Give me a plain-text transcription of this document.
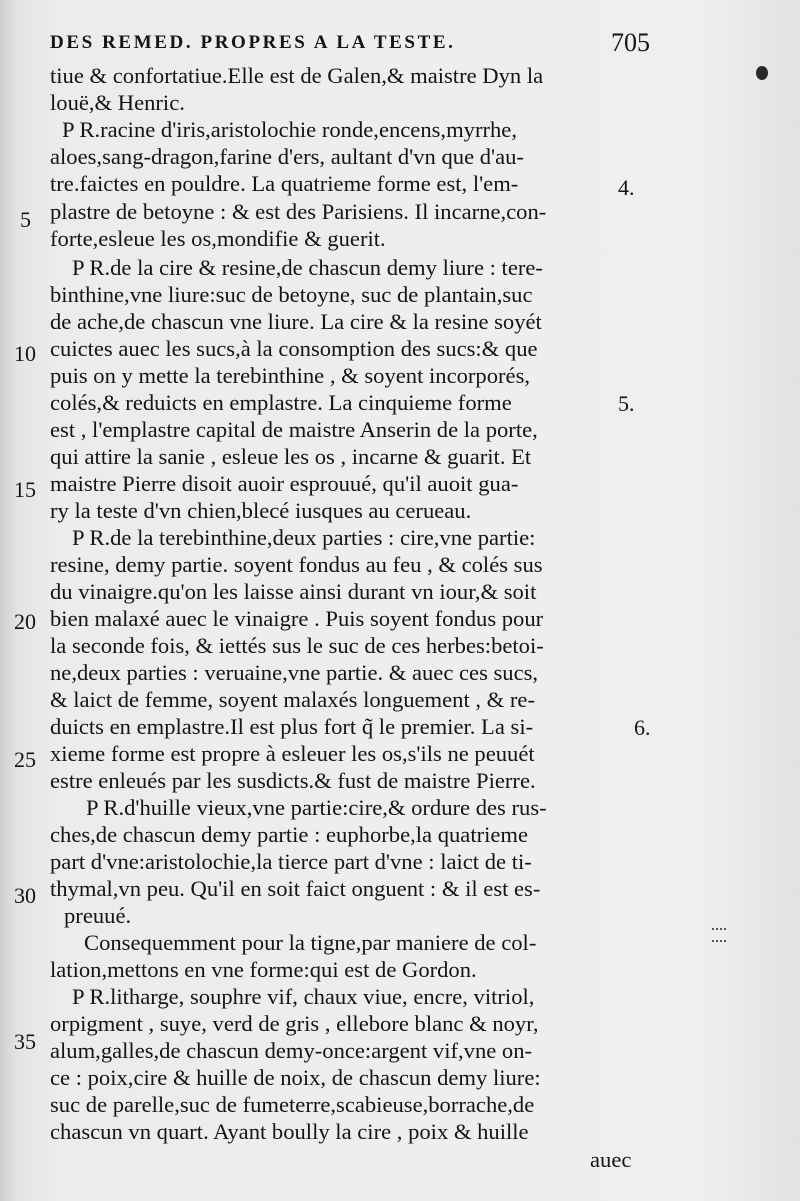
DES REMED. PROPRES A LA TESTE.	705
tiue & confortatiue.Elle est de Galen,& maistre Dyn la
louë,& Henric.
P R.racine d'iris,aristolochie ronde,encens,myrrhe,
aloes,sang-dragon,farine d'ers, aultant d'vn que d'au-
tre.faictes en pouldre. La quatrieme forme est, l'em-
plastre de betoyne : & est des Parisiens. Il incarne,con-
forte,esleue les os,mondifie & guerit.
P R.de la cire & resine,de chascun demy liure : tere-
binthine,vne liure:suc de betoyne, suc de plantain,suc
de ache,de chascun vne liure. La cire & la resine soyét
cuictes auec les sucs,à la consomption des sucs:& que
puis on y mette la terebinthine , & soyent incorporés,
colés,& reduicts en emplastre. La cinquieme forme
est , l'emplastre capital de maistre Anserin de la porte,
qui attire la sanie , esleue les os , incarne & guarit. Et
maistre Pierre disoit auoir esprouué, qu'il auoit gua-
ry la teste d'vn chien,blecé iusques au cerueau.
P R.de la terebinthine,deux parties : cire,vne partie:
resine, demy partie. soyent fondus au feu , & colés sus
du vinaigre.qu'on les laisse ainsi durant vn iour,& soit
bien malaxé auec le vinaigre . Puis soyent fondus pour
la seconde fois, & iettés sus le suc de ces herbes:betoi-
ne,deux parties : veruaine,vne partie. & auec ces sucs,
& laict de femme, soyent malaxés longuement , & re-
duicts en emplastre.Il est plus fort q̃ le premier. La si-
xieme forme est propre à esleuer les os,s'ils ne peuuét
estre enleués par les susdicts.& fust de maistre Pierre.
P R.d'huille vieux,vne partie:cire,& ordure des rus-
ches,de chascun demy partie : euphorbe,la quatrieme
part d'vne:aristolochie,la tierce part d'vne : laict de ti-
thymal,vn peu. Qu'il en soit faict onguent : & il est es-
preuué.
Consequemment pour la tigne,par maniere de col-
lation,mettons en vne forme:qui est de Gordon.
P R.litharge, souphre vif, chaux viue, encre, vitriol,
orpigment , suye, verd de gris , ellebore blanc & noyr,
alum,galles,de chascun demy-once:argent vif,vne on-
ce : poix,cire & huille de noix, de chascun demy liure:
suc de parelle,suc de fumeterre,scabieuse,borrache,de
chascun vn quart. Ayant boully la cire , poix & huille
auec
5
10
15
20
25
30
35
4.
5.
6.
